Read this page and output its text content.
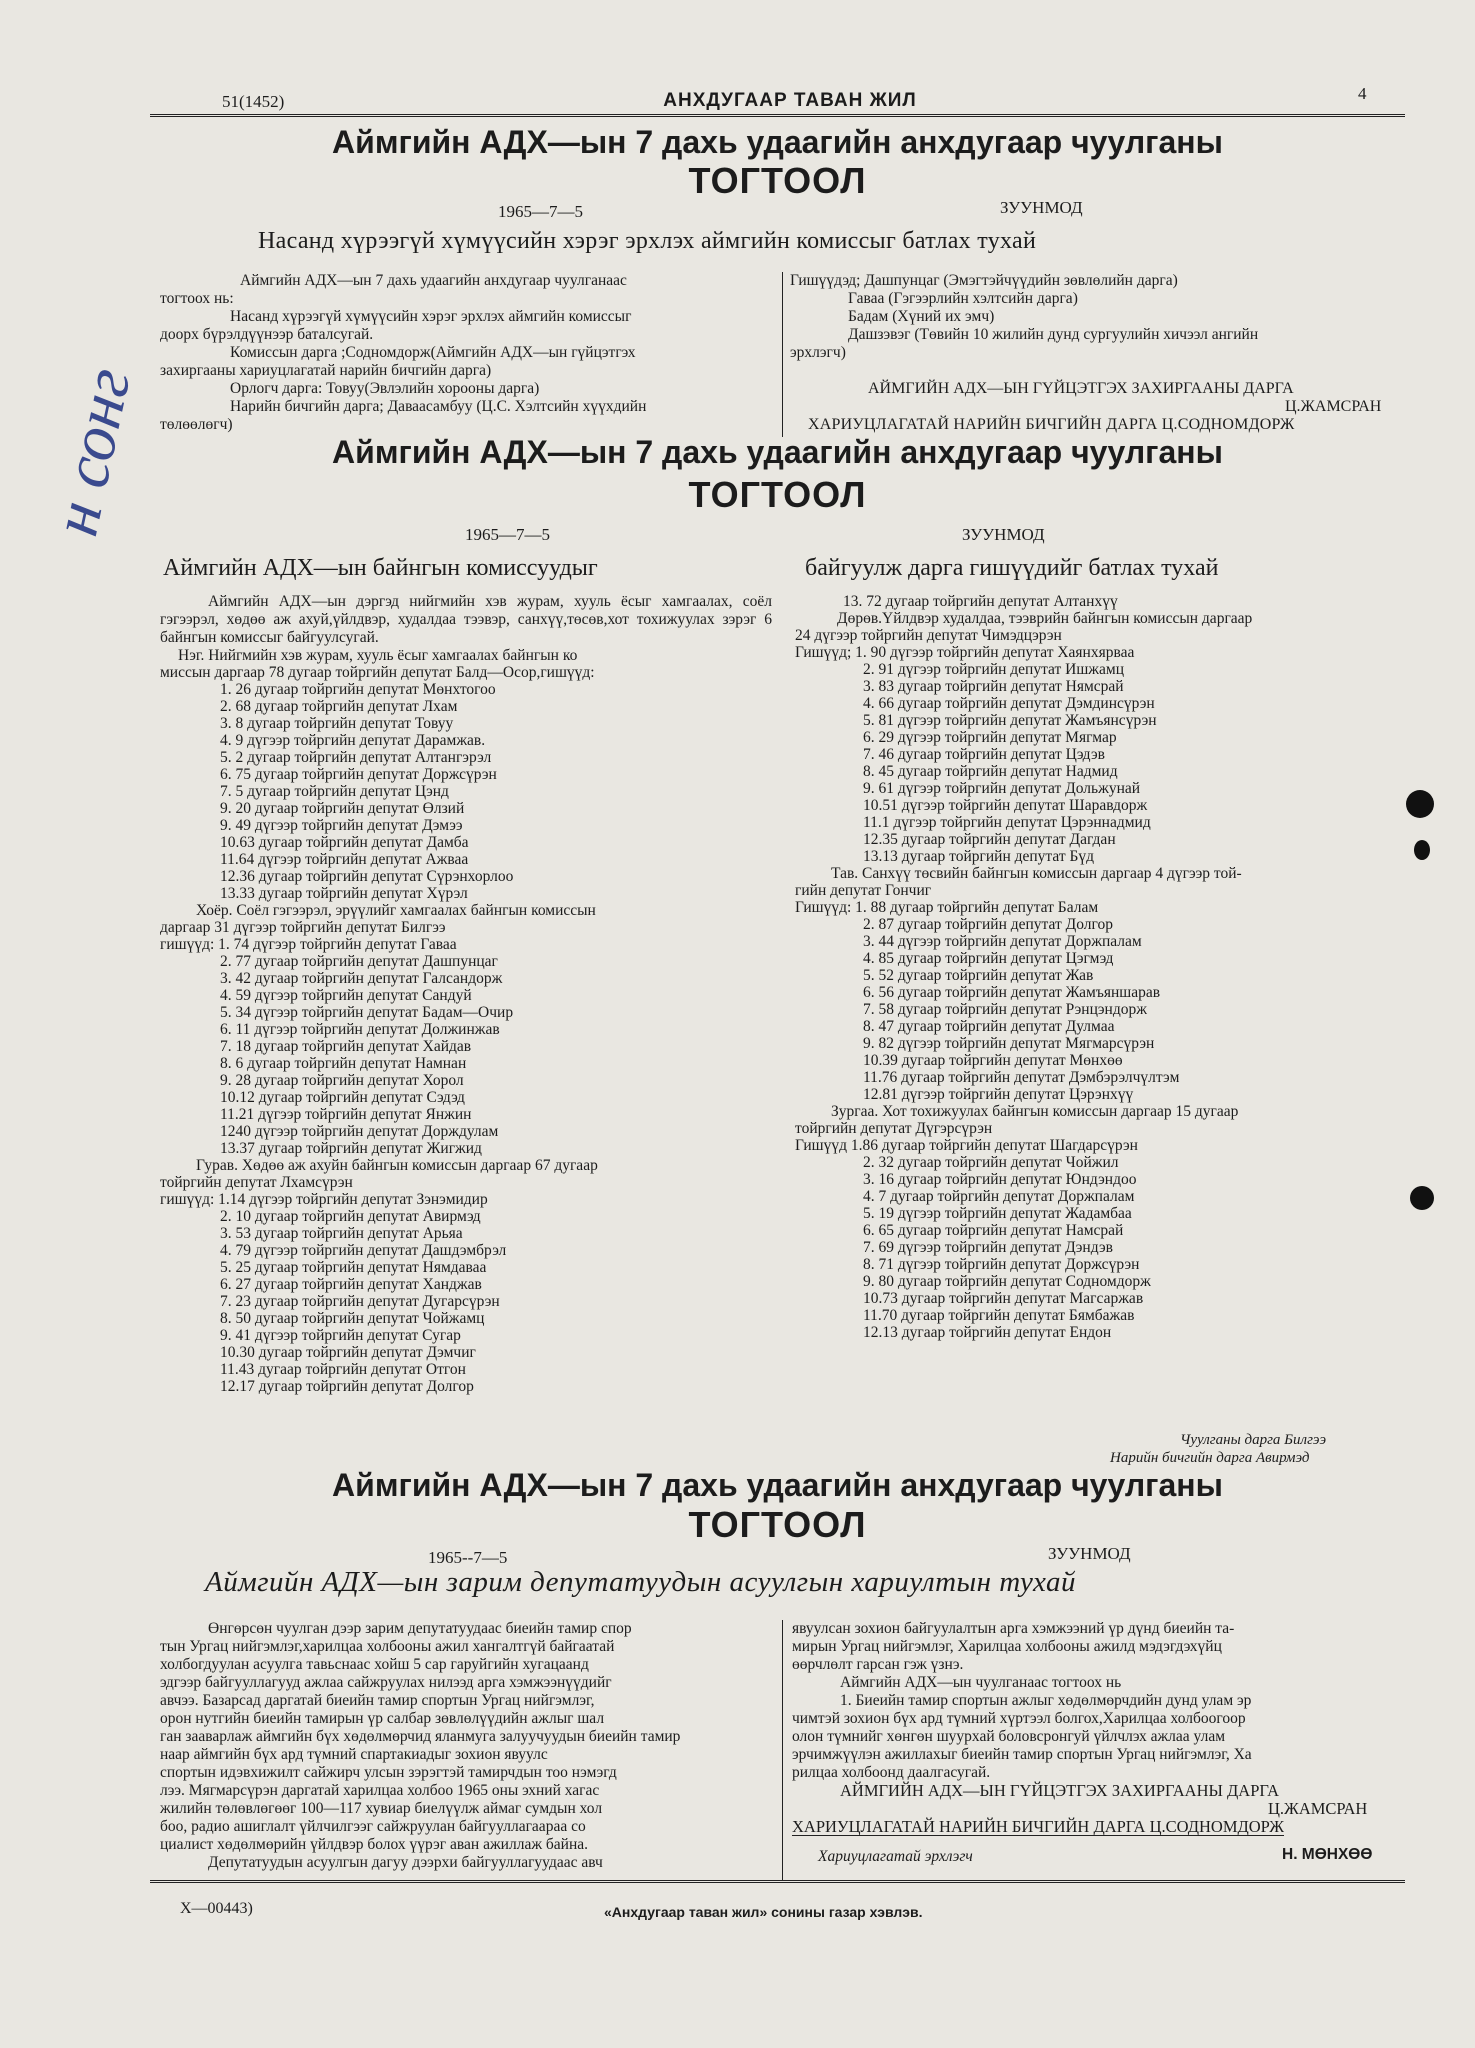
51(1452)	АНХДУГААР ТАВАН ЖИЛ	4
н сонг
Аймгийн АДХ—ын 7 дахь удаагийн анхдугаар чуулганы
ТОГТООЛ
1965—7—5	ЗУУНМОД
Насанд хүрээгүй хүмүүсийн хэрэг эрхлэх аймгийн комиссыг батлах тухай
Аймгийн АДХ—ын 7 дахь удаагийн анхдугаар чуулганаас
тогтоох нь:
Насанд хүрээгүй хүмүүсийн хэрэг эрхлэх аймгийн комиссыг
доорх бүрэлдүүнээр баталсугай.
Комиссын дарга ;Содномдорж(Аймгийн АДХ—ын гүйцэтгэх
захиргааны хариуцлагатай нарийн бичгийн дарга)
Орлогч дарга: Товуу(Эвлэлийн хорооны дарга)
Нарийн бичгийн дарга; Даваасамбуу (Ц.С. Хэлтсийн хүүхдийн
төлөөлөгч)
Гишүүдэд; Дашпунцаг (Эмэгтэйчүүдийн зөвлөлийн дарга)
Гаваа (Гэгээрлийн хэлтсийн дарга)
Бадам (Хүний их эмч)
Дашзэвэг (Төвийн 10 жилийн дунд сургуулийн хичээл ангийн
эрхлэгч)
АЙМГИЙН АДХ—ЫН ГҮЙЦЭТГЭХ ЗАХИРГААНЫ ДАРГА
Ц.ЖАМСРАН
ХАРИУЦЛАГАТАЙ НАРИЙН БИЧГИЙН ДАРГА Ц.СОДНОМДОРЖ
Аймгийн АДХ—ын 7 дахь удаагийн анхдугаар чуулганы
ТОГТООЛ
1965—7—5	ЗУУНМОД
Аймгийн АДХ—ын байнгын комиссуудыг	байгуулж дарга гишүүдийг батлах тухай
Аймгийн АДХ—ын дэргэд нийгмийн хэв журам, хууль ёсыг хамгаалах, соёл гэгээрэл, хөдөө аж ахуй,үйлдвэр, худалдаа тээвэр, санхүү,төсөв,хот тохижуулах зэрэг 6 байнгын комиссыг байгуулсугай.
Нэг. Нийгмийн хэв журам, хууль ёсыг хамгаалах байнгын ко
миссын даргаар 78 дугаар тойргийн депутат Балд—Осор,гишүүд:
1. 26 дугаар тойргийн депутат Мөнхтогоо
2. 68 дугаар тойргийн депутат Лхам
3. 8 дугаар тойргийн депутат Товуу
4. 9 дүгээр тойргийн депутат Дарамжав.
5. 2 дугаар тойргийн депутат Алтангэрэл
6. 75 дугаар тойргийн депутат Доржсүрэн
7. 5 дугаар тойргийн депутат Цэнд
9. 20 дугаар тойргийн депутат Өлзий
9. 49 дүгээр тойргийн депутат Дэмээ
10.63 дугаар тойргийн депутат Дамба
11.64 дүгээр тойргийн депутат Ажваа
12.36 дугаар тойргийн депутат Сүрэнхорлоо
13.33 дугаар тойргийн депутат Хүрэл
Хоёр. Соёл гэгээрэл, эрүүлийг хамгаалах байнгын комиссын
даргаар 31 дүгээр тойргийн депутат Билгээ
гишүүд: 1. 74 дүгээр тойргийн депутат Гаваа
2. 77 дугаар тойргийн депутат Дашпунцаг
3. 42 дугаар тойргийн депутат Галсандорж
4. 59 дүгээр тойргийн депутат Сандуй
5. 34 дүгээр тойргийн депутат Бадам—Очир
6. 11 дүгээр тойргийн депутат Должинжав
7. 18 дугаар тойргийн депутат Хайдав
8. 6 дугаар тойргийн депутат Намнан
9. 28 дугаар тойргийн депутат Хорол
10.12 дугаар тойргийн депутат Сэдэд
11.21 дүгээр тойргийн депутат Янжин
1240 дүгээр тойргийн депутат Дорждулам
13.37 дугаар тойргийн депутат Жигжид
Гурав. Хөдөө аж ахуйн байнгын комиссын даргаар 67 дугаар
тойргийн депутат Лхамсүрэн
гишүүд: 1.14 дүгээр тойргийн депутат Зэнэмидир
2. 10 дугаар тойргийн депутат Авирмэд
3. 53 дугаар тойргийн депутат Арьяа
4. 79 дүгээр тойргийн депутат Дашдэмбрэл
5. 25 дугаар тойргийн депутат Нямдаваа
6. 27 дугаар тойргийн депутат Ханджав
7. 23 дугаар тойргийн депутат Дугарсүрэн
8. 50 дугаар тойргийн депутат Чойжамц
9. 41 дүгээр тойргийн депутат Сугар
10.30 дугаар тойргийн депутат Дэмчиг
11.43 дугаар тойргийн депутат Отгон
12.17 дугаар тойргийн депутат Долгор
13. 72 дугаар тойргийн депутат Алтанхүү
Дөрөв.Үйлдвэр худалдаа, тээврийн байнгын комиссын даргаар
24 дүгээр тойргийн депутат Чимэдцэрэн
Гишүүд; 1. 90 дүгээр тойргийн депутат Хаянхярваа
2. 91 дүгээр тойргийн депутат Ишжамц
3. 83 дугаар тойргийн депутат Нямсрай
4. 66 дугаар тойргийн депутат Дэмдинсүрэн
5. 81 дүгээр тойргийн депутат Жамъянсүрэн
6. 29 дүгээр тойргийн депутат Мягмар
7. 46 дугаар тойргийн депутат Цэдэв
8. 45 дугаар тойргийн депутат Надмид
9. 61 дүгээр тойргийн депутат Дольжунай
10.51 дүгээр тойргийн депутат Шаравдорж
11.1 дүгээр тойргийн депутат Цэрэннадмид
12.35 дугаар тойргийн депутат Дагдан
13.13 дугаар тойргийн депутат Бүд
Тав. Санхүү төсвийн байнгын комиссын даргаар 4 дүгээр той-
гийн депутат Гончиг
Гишүүд: 1. 88 дугаар тойргийн депутат Балам
2. 87 дугаар тойргийн депутат Долгор
3. 44 дүгээр тойргийн депутат Доржпалам
4. 85 дугаар тойргийн депутат Цэгмэд
5. 52 дугаар тойргийн депутат Жав
6. 56 дугаар тойргийн депутат Жамъяншарав
7. 58 дугаар тойргийн депутат Рэнцэндорж
8. 47 дугаар тойргийн депутат Дулмаа
9. 82 дүгээр тойргийн депутат Мягмарсүрэн
10.39 дугаар тойргийн депутат Мөнхөө
11.76 дугаар тойргийн депутат Дэмбэрэлчүлтэм
12.81 дүгээр тойргийн депутат Цэрэнхүү
Зургаа. Хот тохижуулах байнгын комиссын даргаар 15 дугаар
тойргийн депутат Дүгэрсүрэн
Гишүүд 1.86 дугаар тойргийн депутат Шагдарсүрэн
2. 32 дугаар тойргийн депутат Чойжил
3. 16 дугаар тойргийн депутат Юндэндоо
4. 7 дугаар тойргийн депутат Доржпалам
5. 19 дүгээр тойргийн депутат Жадамбаа
6. 65 дугаар тойргийн депутат Намсрай
7. 69 дүгээр тойргийн депутат Дэндэв
8. 71 дүгээр тойргийн депутат Доржсүрэн
9. 80 дугаар тойргийн депутат Содномдорж
10.73 дугаар тойргийн депутат Магсаржав
11.70 дугаар тойргийн депутат Бямбажав
12.13 дугаар тойргийн депутат Ендон
Чуулганы дарга Билгээ
Нарийн бичгийн дарга Авирмэд
Аймгийн АДХ—ын 7 дахь удаагийн анхдугаар чуулганы
ТОГТООЛ
1965--7—5	ЗУУНМОД
Аймгийн АДХ—ын зарим депутатуудын асуулгын хариултын тухай
Өнгөрсөн чуулган дээр зарим депутатуудаас биеийн тамир спор
тын Ургац нийгэмлэг,харилцаа холбооны ажил хангалтгүй байгаатай
холбогдуулан асуулга тавьснаас хойш 5 сар гаруйгийн хугацаанд
эдгээр байгууллагууд ажлаа сайжруулах нилээд арга хэмжээнүүдийг
авчээ. Базарсад даргатай биеийн тамир спортын Ургац нийгэмлэг,
орон нутгийн биеийн тамирын үр салбар зөвлөлүүдийн ажлыг шал
ган зааварлаж аймгийн бүх хөдөлмөрчид яланмуга залуучуудын биеийн тамир
наар аймгийн бүх ард түмний спартакиадыг зохион явуулс
спортын идэвхижилт сайжирч улсын зэрэгтэй тамирчдын тоо нэмэгд
лээ. Мягмарсүрэн даргатай харилцаа холбоо 1965 оны эхний хагас
жилийн төлөвлөгөөг 100—117 хувиар биелүүлж аймаг сумдын хол
боо, радио ашиглалт үйлчилгээг сайжруулан байгууллагаараа со
циалист хөдөлмөрийн үйлдвэр болох үүрэг аван ажиллаж байна.
Депутатуудын асуулгын дагуу дээрхи байгууллагуудаас авч
явуулсан зохион байгуулалтын арга хэмжээний үр дүнд биеийн та-
мирын Ургац нийгэмлэг, Харилцаа холбооны ажилд мэдэгдэхүйц
өөрчлөлт гарсан гэж үзнэ.
Аймгийн АДХ—ын чуулганаас тогтоох нь
1. Биеийн тамир спортын ажлыг хөдөлмөрчдийн дунд улам эр
чимтэй зохион бүх ард түмний хүртээл болгох,Харилцаа холбоогоор
олон түмнийг хөнгөн шуурхай боловсронгуй үйлчлэх ажлаа улам
эрчимжүүлэн ажиллахыг биеийн тамир спортын Ургац нийгэмлэг, Ха
рилцаа холбоонд даалгасугай.
АЙМГИЙН АДХ—ЫН ГҮЙЦЭТГЭХ ЗАХИРГААНЫ ДАРГА
Ц.ЖАМСРАН
ХАРИУЦЛАГАТАЙ НАРИЙН БИЧГИЙН ДАРГА Ц.СОДНОМДОРЖ
Хариуцлагатай эрхлэгч	Н. МӨНХӨӨ
Х—00443)	«Анхдугаар таван жил» сонины газар хэвлэв.
